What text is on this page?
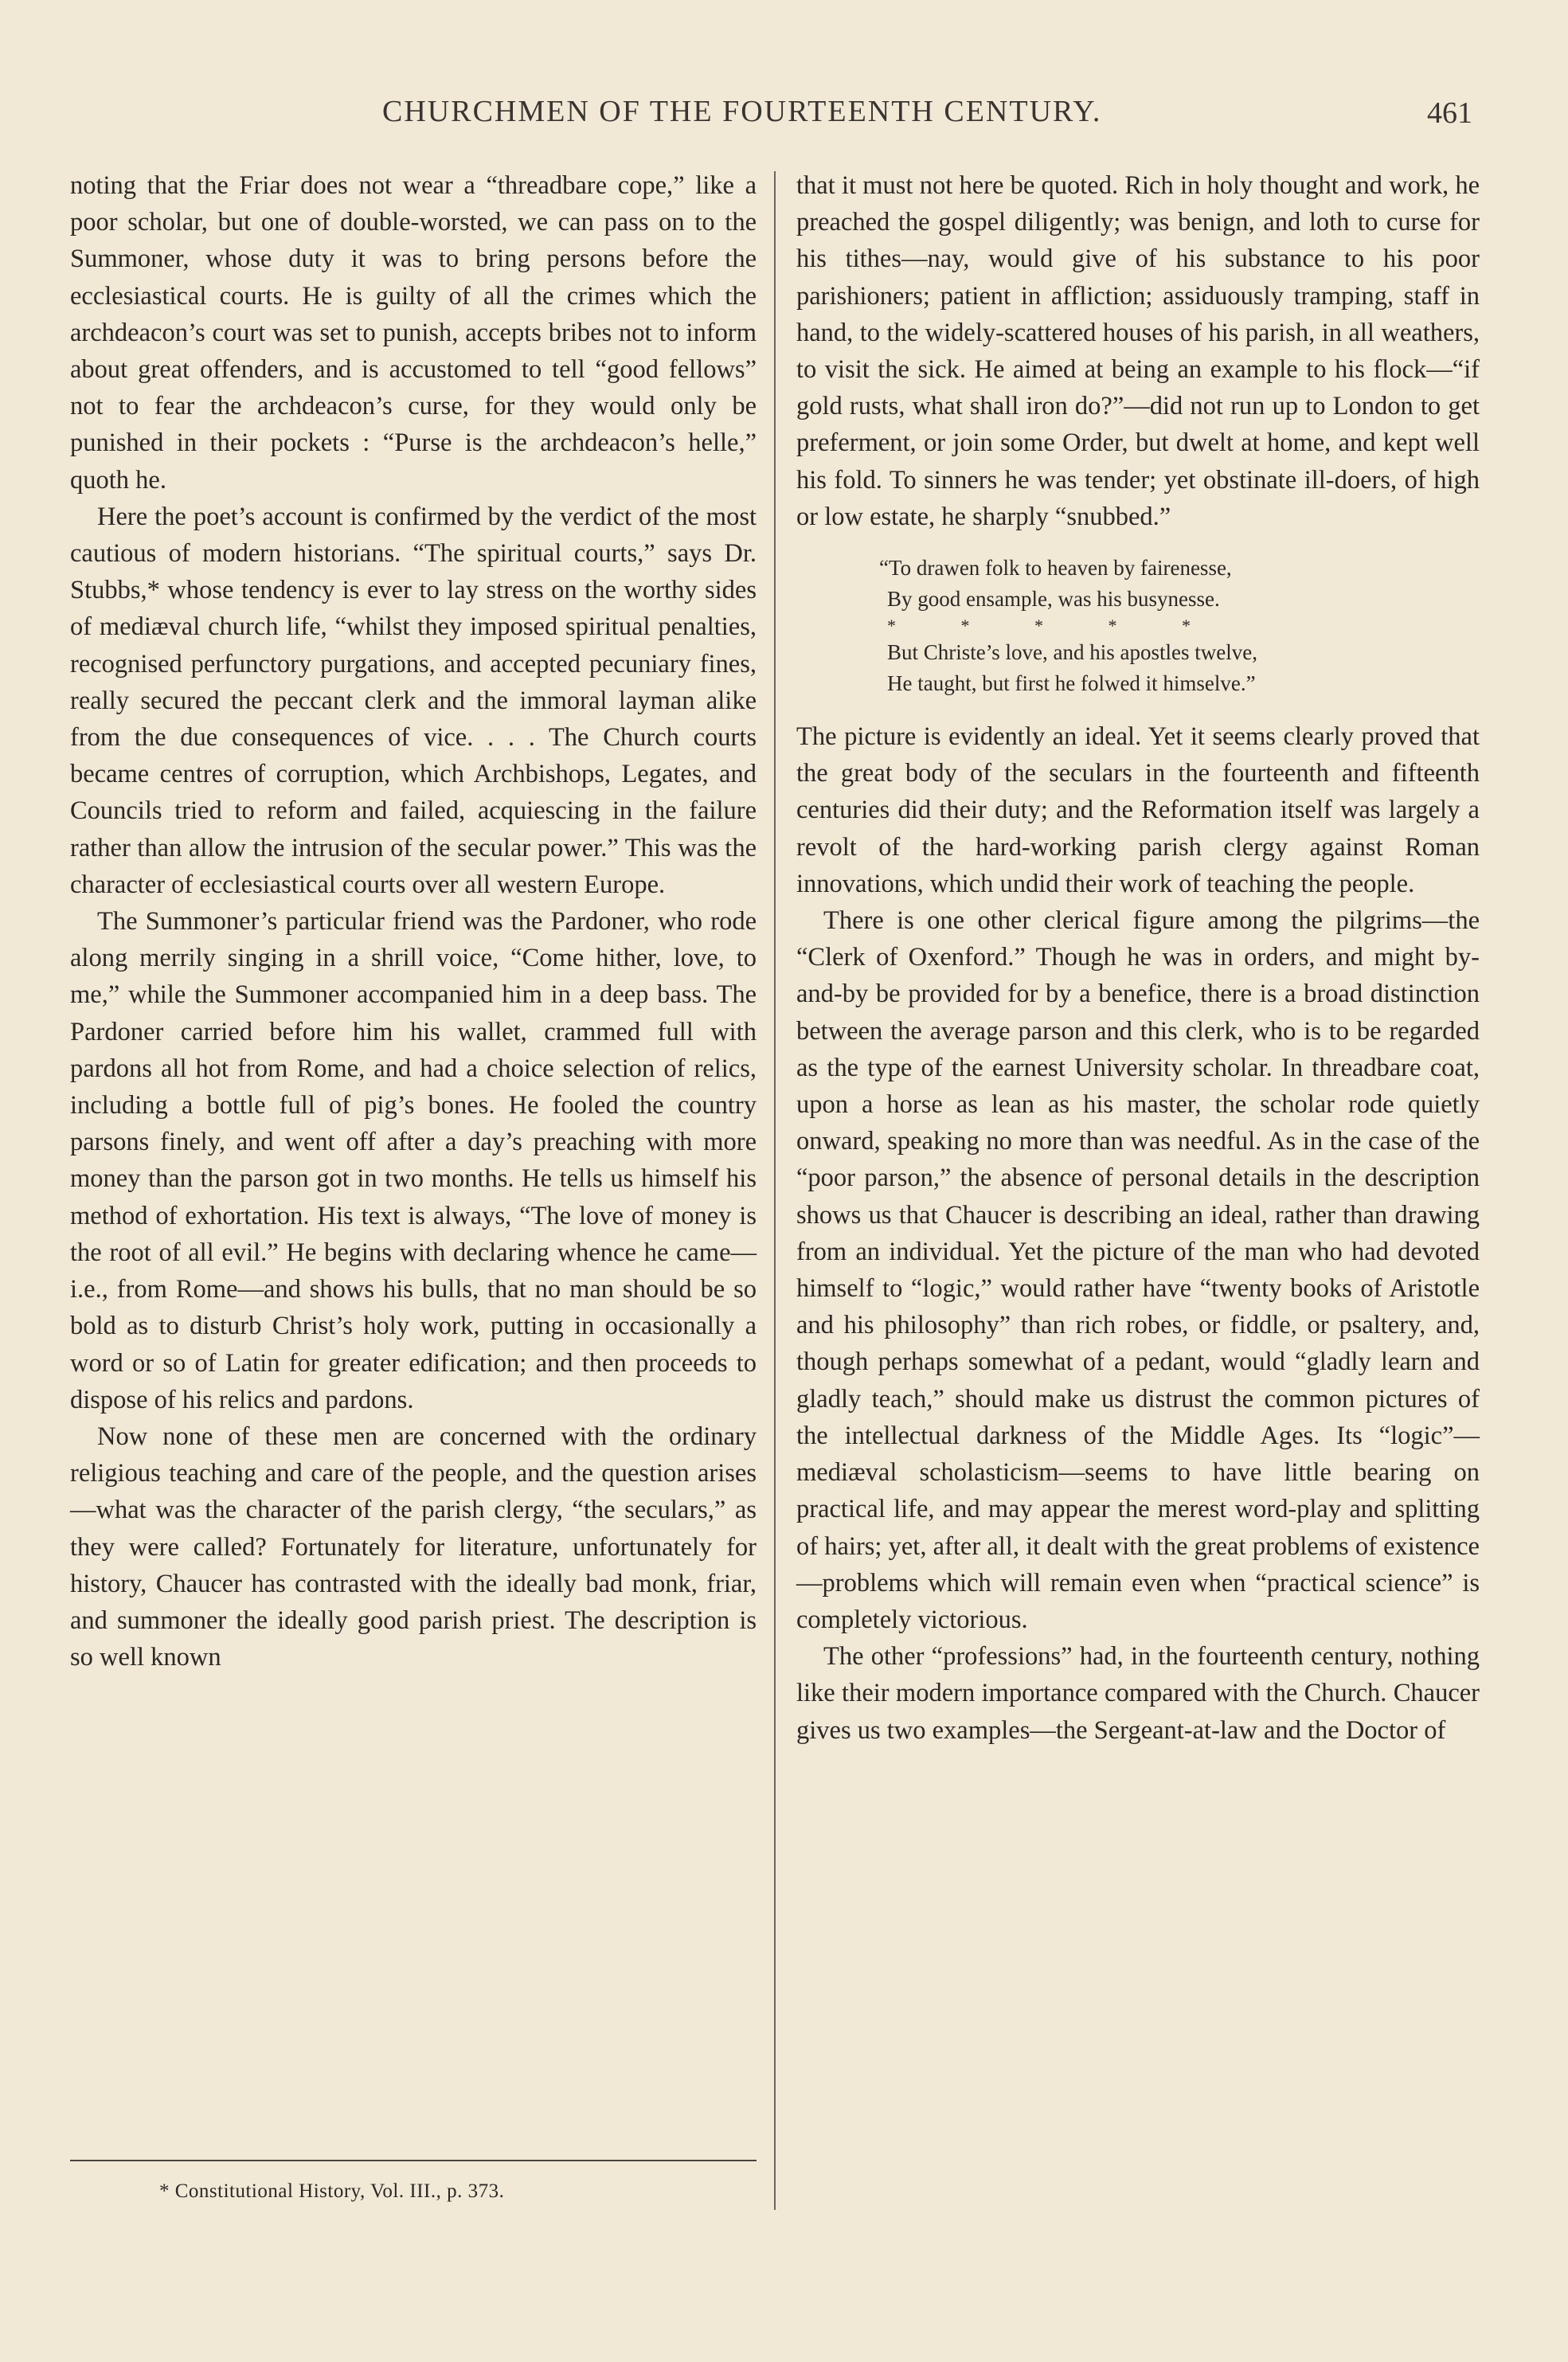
CHURCHMEN OF THE FOURTEENTH CENTURY.	461

noting that the Friar does not wear a “threadbare cope,” like a poor scholar, but one of double-worsted, we can pass on to the Summoner, whose duty it was to bring persons before the ecclesiastical courts. He is guilty of all the crimes which the archdeacon’s court was set to punish, accepts bribes not to inform about great offenders, and is accustomed to tell “good fellows” not to fear the archdeacon’s curse, for they would only be punished in their pockets : “Purse is the archdeacon’s helle,” quoth he.

Here the poet’s account is confirmed by the verdict of the most cautious of modern historians. “The spiritual courts,” says Dr. Stubbs,* whose tendency is ever to lay stress on the worthy sides of mediæval church life, “whilst they imposed spiritual penalties, recognised perfunctory purgations, and accepted pecuniary fines, really secured the peccant clerk and the immoral layman alike from the due consequences of vice. . . . The Church courts became centres of corruption, which Archbishops, Legates, and Councils tried to reform and failed, acquiescing in the failure rather than allow the intrusion of the secular power.” This was the character of ecclesiastical courts over all western Europe.

The Summoner’s particular friend was the Pardoner, who rode along merrily singing in a shrill voice, “Come hither, love, to me,” while the Summoner accompanied him in a deep bass. The Pardoner carried before him his wallet, crammed full with pardons all hot from Rome, and had a choice selection of relics, including a bottle full of pig’s bones. He fooled the country parsons finely, and went off after a day’s preaching with more money than the parson got in two months. He tells us himself his method of exhortation. His text is always, “The love of money is the root of all evil.” He begins with declaring whence he came—i.e., from Rome—and shows his bulls, that no man should be so bold as to disturb Christ’s holy work, putting in occasionally a word or so of Latin for greater edification; and then proceeds to dispose of his relics and pardons.

Now none of these men are concerned with the ordinary religious teaching and care of the people, and the question arises—what was the character of the parish clergy, “the seculars,” as they were called? Fortunately for literature, unfortunately for history, Chaucer has contrasted with the ideally bad monk, friar, and summoner the ideally good parish priest. The description is so well known

that it must not here be quoted. Rich in holy thought and work, he preached the gospel diligently; was benign, and loth to curse for his tithes—nay, would give of his substance to his poor parishioners; patient in affliction; assiduously tramping, staff in hand, to the widely-scattered houses of his parish, in all weathers, to visit the sick. He aimed at being an example to his flock—“if gold rusts, what shall iron do?”—did not run up to London to get preferment, or join some Order, but dwelt at home, and kept well his fold. To sinners he was tender; yet obstinate ill-doers, of high or low estate, he sharply “snubbed.”

“To drawen folk to heaven by fairenesse,
By good ensample, was his busynesse.
* * * * *
But Christe’s love, and his apostles twelve,
He taught, but first he folwed it himselve.”

The picture is evidently an ideal. Yet it seems clearly proved that the great body of the seculars in the fourteenth and fifteenth centuries did their duty; and the Reformation itself was largely a revolt of the hard-working parish clergy against Roman innovations, which undid their work of teaching the people.

There is one other clerical figure among the pilgrims—the “Clerk of Oxenford.” Though he was in orders, and might by-and-by be provided for by a benefice, there is a broad distinction between the average parson and this clerk, who is to be regarded as the type of the earnest University scholar. In threadbare coat, upon a horse as lean as his master, the scholar rode quietly onward, speaking no more than was needful. As in the case of the “poor parson,” the absence of personal details in the description shows us that Chaucer is describing an ideal, rather than drawing from an individual. Yet the picture of the man who had devoted himself to “logic,” would rather have “twenty books of Aristotle and his philosophy” than rich robes, or fiddle, or psaltery, and, though perhaps somewhat of a pedant, would “gladly learn and gladly teach,” should make us distrust the common pictures of the intellectual darkness of the Middle Ages. Its “logic”—mediæval scholasticism—seems to have little bearing on practical life, and may appear the merest word-play and splitting of hairs; yet, after all, it dealt with the great problems of existence—problems which will remain even when “practical science” is completely victorious.

The other “professions” had, in the fourteenth century, nothing like their modern importance compared with the Church. Chaucer gives us two examples—the Sergeant-at-law and the Doctor of

* Constitutional History, Vol. III., p. 373.
